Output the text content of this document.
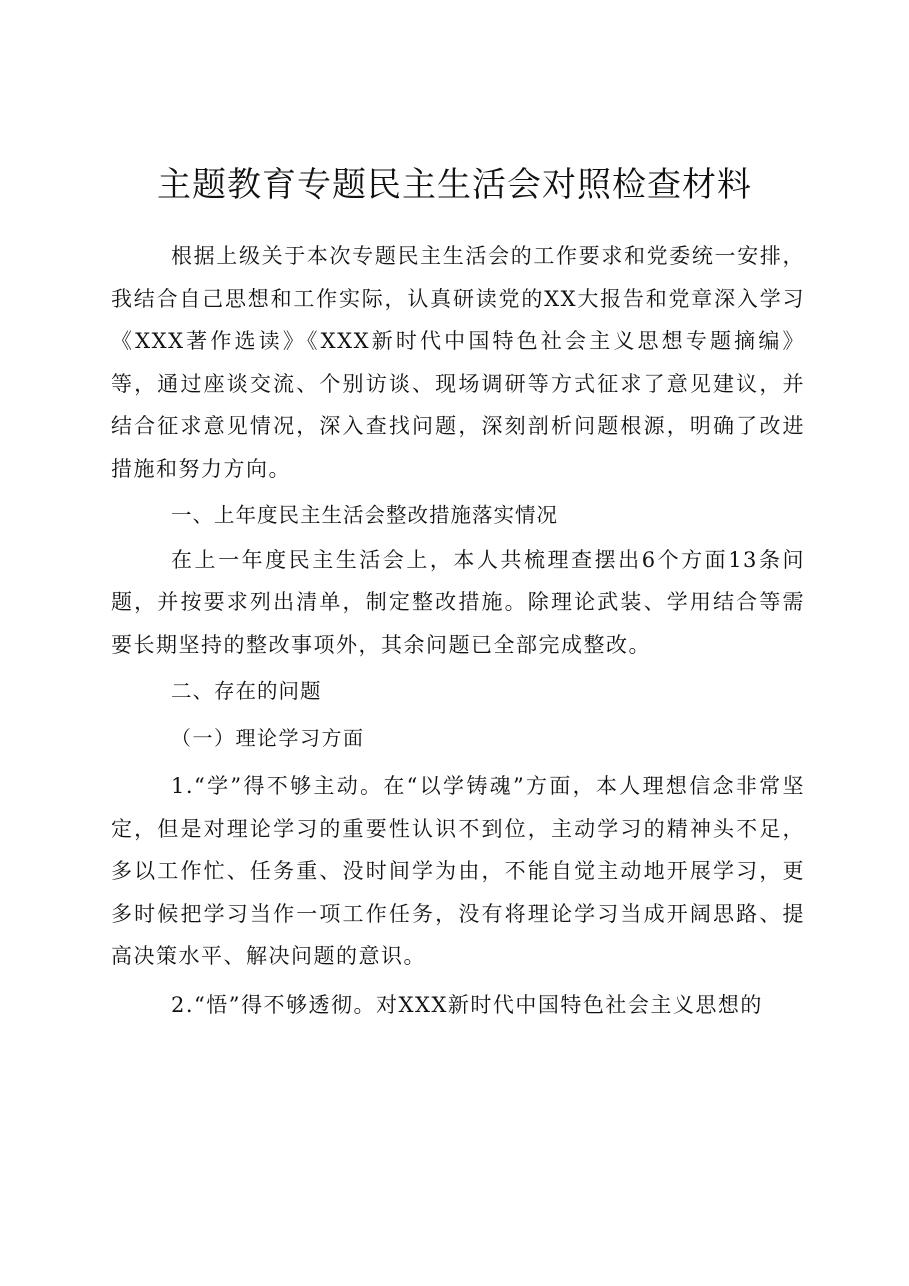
主题教育专题民主生活会对照检查材料

根据上级关于本次专题民主生活会的工作要求和党委统一安排，我结合自己思想和工作实际，认真研读党的XX大报告和党章深入学习《XXX著作选读》《XXX新时代中国特色社会主义思想专题摘编》等，通过座谈交流、个别访谈、现场调研等方式征求了意见建议，并结合征求意见情况，深入查找问题，深刻剖析问题根源，明确了改进措施和努力方向。

一、上年度民主生活会整改措施落实情况

在上一年度民主生活会上，本人共梳理查摆出6个方面13条问题，并按要求列出清单，制定整改措施。除理论武装、学用结合等需要长期坚持的整改事项外，其余问题已全部完成整改。

二、存在的问题

（一）理论学习方面

1.“学”得不够主动。在“以学铸魂”方面，本人理想信念非常坚定，但是对理论学习的重要性认识不到位，主动学习的精神头不足，多以工作忙、任务重、没时间学为由，不能自觉主动地开展学习，更多时候把学习当作一项工作任务，没有将理论学习当成开阔思路、提高决策水平、解决问题的意识。

2.“悟”得不够透彻。对XXX新时代中国特色社会主义思想的
